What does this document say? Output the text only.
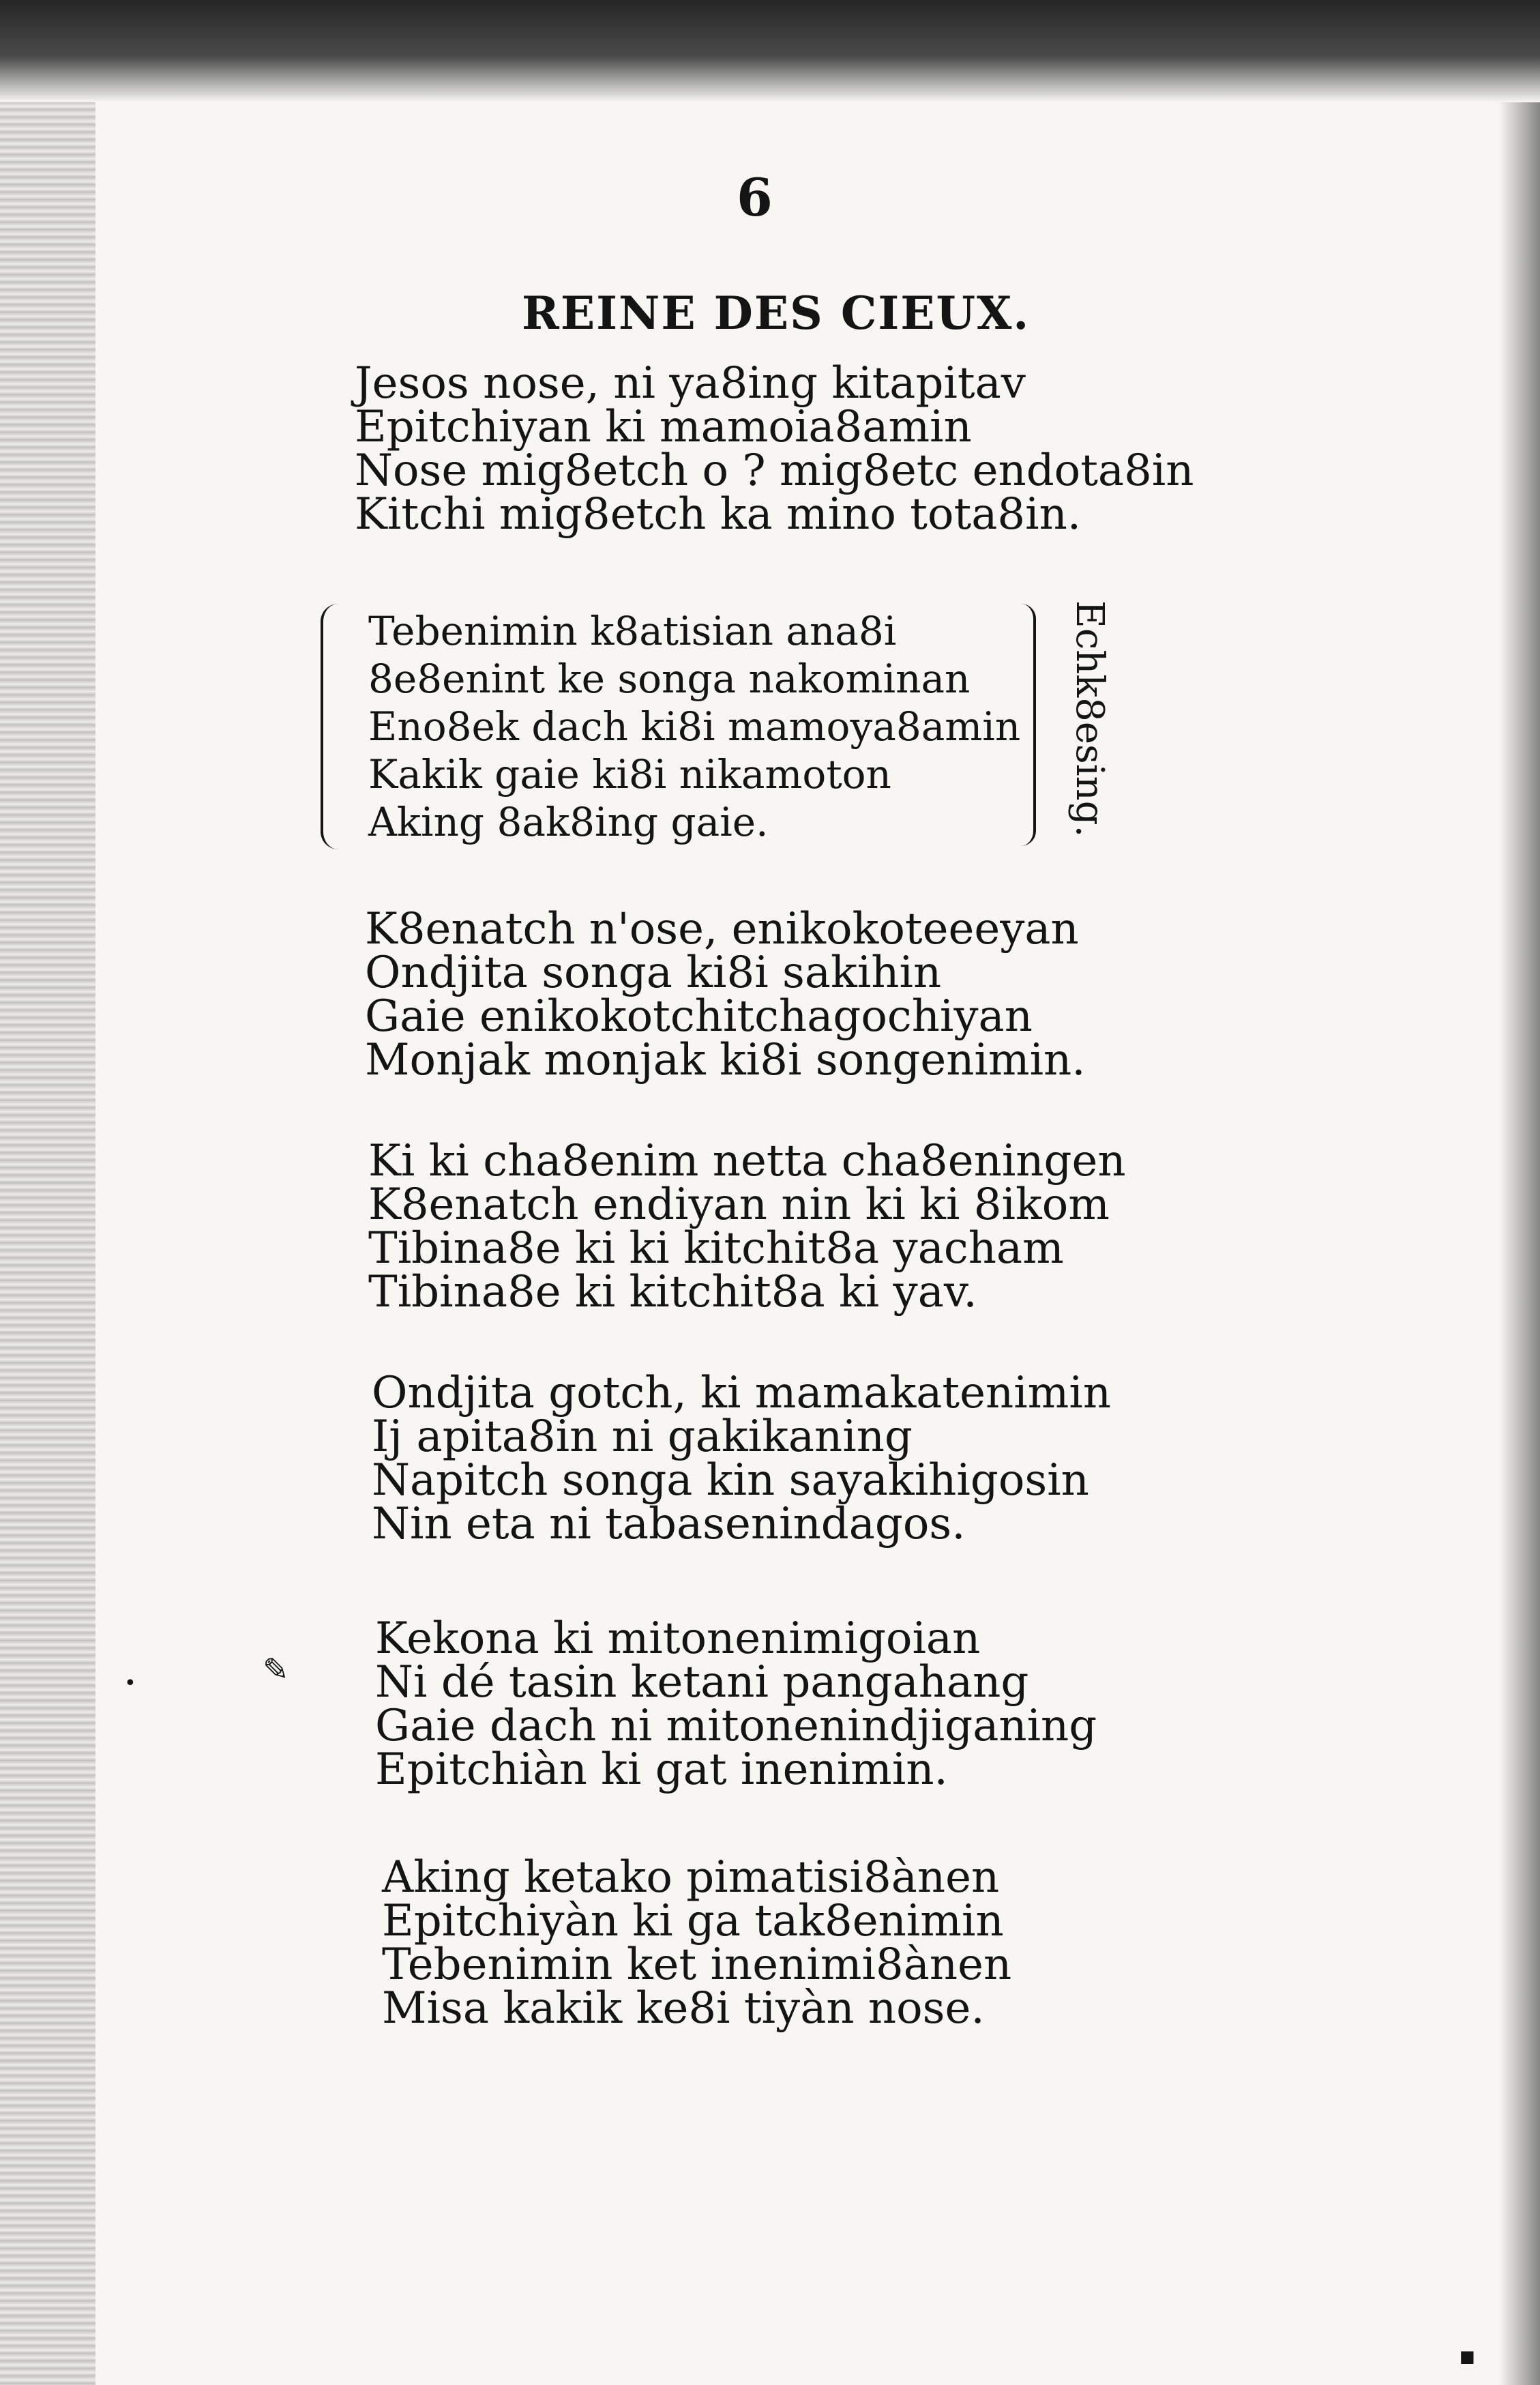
6
REINE DES CIEUX.
Jesos nose, ni ya8ing kitapitav
Epitchiyan ki mamoia8amin
Nose mig8etch o ? mig8etc endota8in
Kitchi mig8etch ka mino tota8in.
Tebenimin k8atisian ana8i
8e8enint ke songa nakominan
Eno8ek dach ki8i mamoya8amin
Kakik gaie ki8i nikamoton
Aking 8ak8ing gaie.	Echk8esing.
K8enatch n'ose, enikokoteeeyan
Ondjita songa ki8i sakihin
Gaie enikokotchitchagochiyan
Monjak monjak ki8i songenimin.
Ki ki cha8enim netta cha8eningen
K8enatch endiyan nin ki ki 8ikom
Tibina8e ki ki kitchit8a yacham
Tibina8e ki kitchit8a ki yav.
Ondjita gotch, ki mamakatenimin
Ij apita8in ni gakikaning
Napitch songa kin sayakihigosin
Nin eta ni tabasenindagos.
Kekona ki mitonenimigoian
Ni dé tasin ketani pangahang
Gaie dach ni mitonenindjiganing
Epitchiàn ki gat inenimin.
Aking ketako pimatisi8ànen
Epitchiyàn ki ga tak8enimin
Tebenimin ket inenimi8ànen
Misa kakik ke8i tiyàn nose.
✎
•
■
